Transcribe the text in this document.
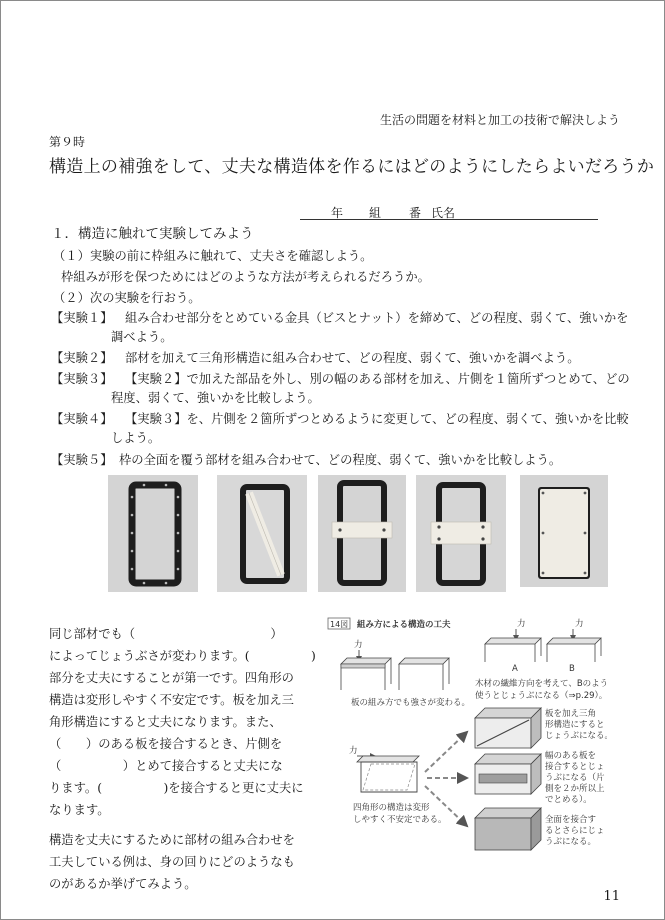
生活の問題を材料と加工の技術で解決しよう
第９時
構造上の補強をして、丈夫な構造体を作るにはどのようにしたらよいだろうか
年 組 番 氏名
１．構造に触れて実験してみよう
（１）実験の前に枠組みに触れて、丈夫さを確認しよう。
枠組みが形を保つためにはどのような方法が考えられるだろうか。
（２）次の実験を行おう。
【実験１】 組み合わせ部分をとめている金具（ビスとナット）を締めて、どの程度、弱くて、強いかを
調べよう。
【実験２】 部材を加えて三角形構造に組み合わせて、どの程度、弱くて、強いかを調べよう。
【実験３】 【実験２】で加えた部品を外し、別の幅のある部材を加え、片側を１箇所ずつとめて、どの
程度、弱くて、強いかを比較しよう。
【実験４】 【実験３】を、片側を２箇所ずつとめるように変更して、どの程度、弱くて、強いかを比較
しよう。
【実験５】 枠の全面を覆う部材を組み合わせて、どの程度、弱くて、強いかを比較しよう。
同じ部材でも（　　　　　　　　　　　）
によってじょうぶさが変わります。(　　　　　)
部分を丈夫にすることが第一です。四角形の
構造は変形しやすく不安定です。板を加え三
角形構造にすると丈夫になります。また、
（　　）のある板を接合するとき、片側を
（　　　　　）とめて接合すると丈夫にな
ります。(　　　　　)を接合すると更に丈夫に
なります。
構造を丈夫にするために部材の組み合わせを
工夫している例は、身の回りにどのようなも
のがあるか挙げてみよう。
14図 組み方による構造の工夫
力
板の組み方でも強さが変わる。
力	力
A	B
木材の繊維方向を考えて、Bのように
使うとじょうぶになる（⇒p.29）。
力
四角形の構造は変形
しやすく不安定である。
板を加え三角
形構造にすると
じょうぶになる。
幅のある板を
接合するとじょ
うぶになる（片
側を２か所以上
でとめる）。
全面を接合す
るとさらにじょ
うぶになる。
11
